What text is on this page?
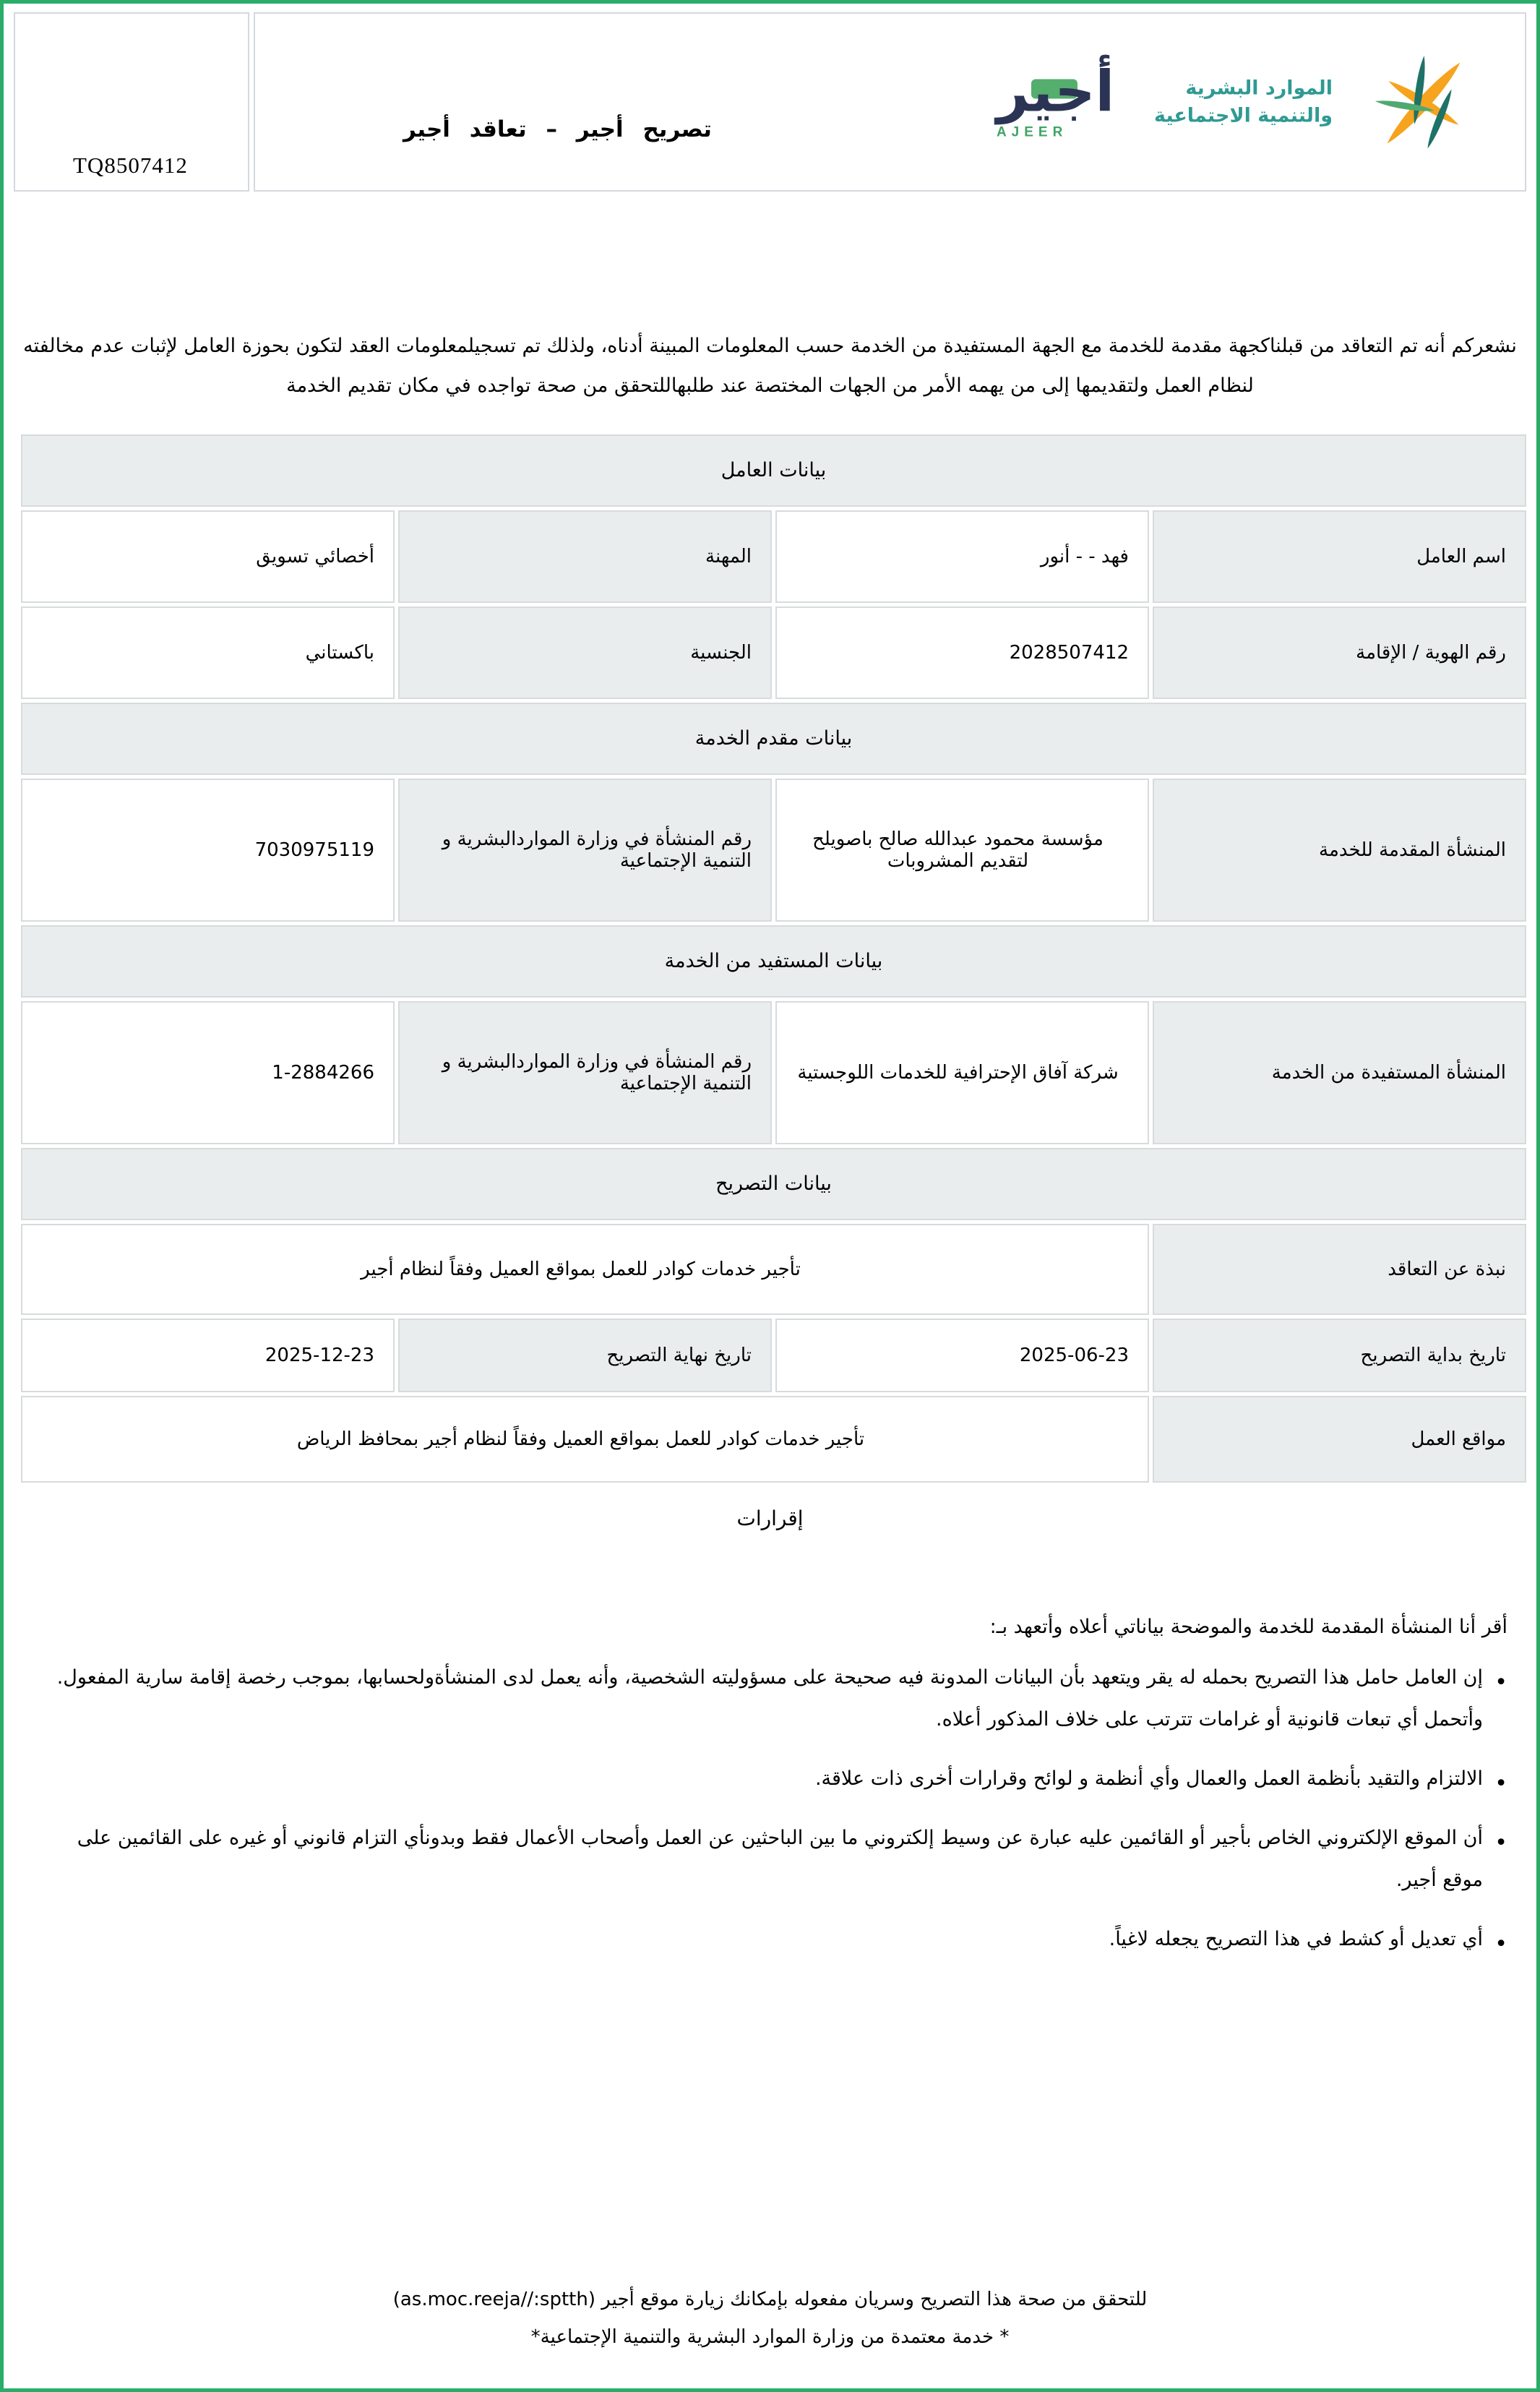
TQ8507412
تصريح أجير – تعاقد أجير
أجير
AJEER
الموارد البشرية
والتنمية الاجتماعية

نشعركم أنه تم التعاقد من قبلناكجهة مقدمة للخدمة مع الجهة المستفيدة من الخدمة حسب المعلومات المبينة أدناه، ولذلك تم تسجيلمعلومات العقد لتكون بحوزة العامل لإثبات عدم مخالفته لنظام العمل ولتقديمها إلى من يهمه الأمر من الجهات المختصة عند طلبهاللتحقق من صحة تواجده في مكان تقديم الخدمة

بيانات العامل			
اسم العامل	فهد - - أنور	المهنة	أخصائي تسويق
رقم الهوية / الإقامة	2028507412	الجنسية	باكستاني
بيانات مقدم الخدمة			
المنشأة المقدمة للخدمة	مؤسسة محمود عبدالله صالح باصويلح لتقديم المشروبات	رقم المنشأة في وزارة المواردالبشرية و التنمية الإجتماعية	7030975119
بيانات المستفيد من الخدمة			
المنشأة المستفيدة من الخدمة	شركة آفاق الإحترافية للخدمات اللوجستية	رقم المنشأة في وزارة المواردالبشرية و التنمية الإجتماعية	1-2884266
بيانات التصريح			
نبذة عن التعاقد	تأجير خدمات كوادر للعمل بمواقع العميل وفقاً لنظام أجير		
تاريخ بداية التصريح	2025-06-23	تاريخ نهاية التصريح	2025-12-23
مواقع العمل	تأجير خدمات كوادر للعمل بمواقع العميل وفقاً لنظام أجير بمحافظ الرياض		
إقرارات

أقر أنا المنشأة المقدمة للخدمة والموضحة بياناتي أعلاه وأتعهد بـ:

• إن العامل حامل هذا التصريح بحمله له يقر ويتعهد بأن البيانات المدونة فيه صحيحة على مسؤوليته الشخصية، وأنه يعمل لدى المنشأةولحسابها، بموجب رخصة إقامة سارية المفعول. وأتحمل أي تبعات قانونية أو غرامات تترتب على خلاف المذكور أعلاه.
• الالتزام والتقيد بأنظمة العمل والعمال وأي أنظمة و لوائح وقرارات أخرى ذات علاقة.
• أن الموقع الإلكتروني الخاص بأجير أو القائمين عليه عبارة عن وسيط إلكتروني ما بين الباحثين عن العمل وأصحاب الأعمال فقط وبدونأي التزام قانوني أو غيره على القائمين على موقع أجير.
• أي تعديل أو كشط في هذا التصريح يجعله لاغياً.

للتحقق من صحة هذا التصريح وسريان مفعوله بإمكانك زيارة موقع أجير (as.moc.reeja//:sptth)

* خدمة معتمدة من وزارة الموارد البشرية والتنمية الإجتماعية*
